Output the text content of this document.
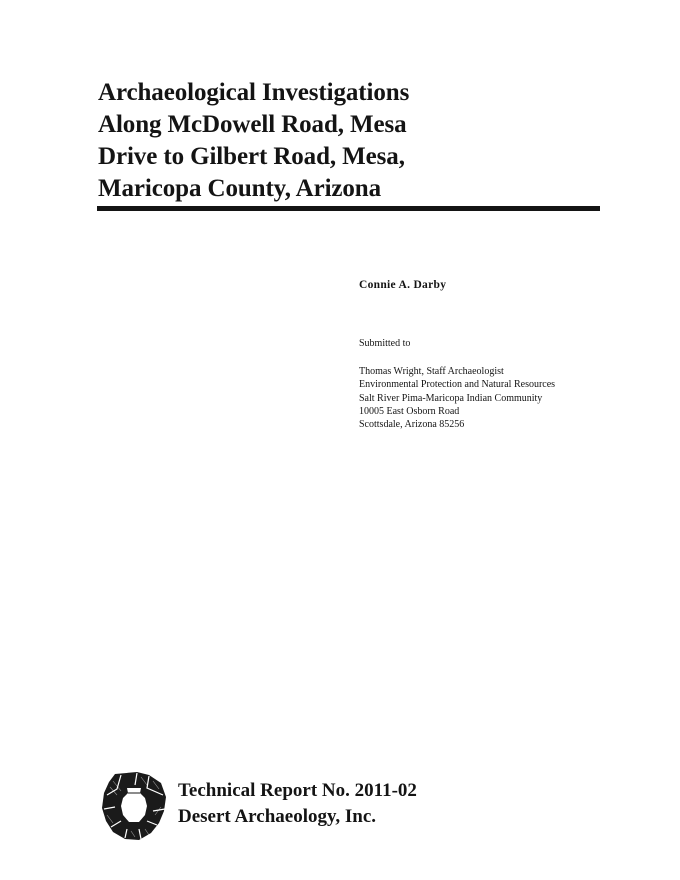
Archaeological Investigations
Along McDowell Road, Mesa
Drive to Gilbert Road, Mesa,
Maricopa County, Arizona
Connie A. Darby
Submitted to
Thomas Wright, Staff Archaeologist
Environmental Protection and Natural Resources
Salt River Pima-Maricopa Indian Community
10005 East Osborn Road
Scottsdale, Arizona 85256
Technical Report No. 2011-02
Desert Archaeology, Inc.
